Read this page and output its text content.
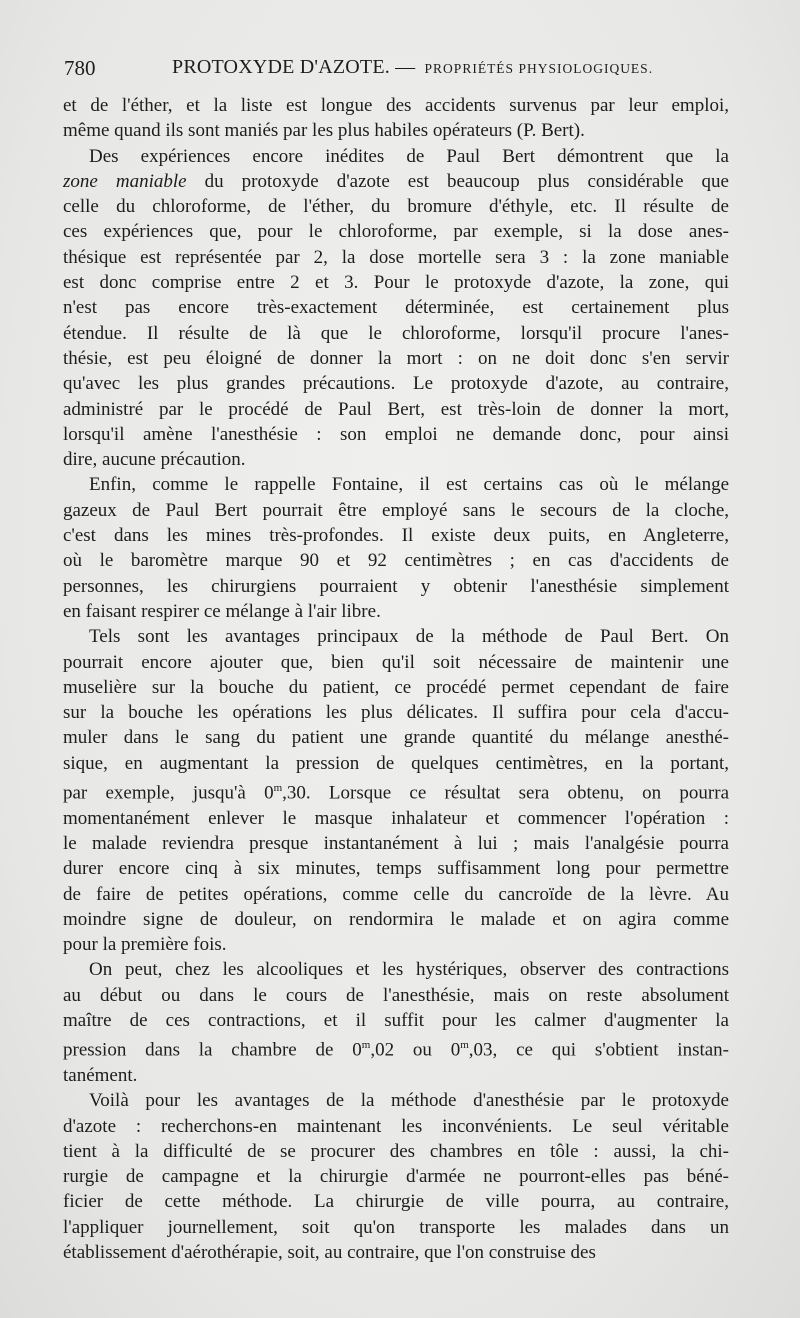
780	PROTOXYDE D'AZOTE. — PROPRIÉTÉS PHYSIOLOGIQUES.

et de l'éther, et la liste est longue des accidents survenus par leur emploi,
même quand ils sont maniés par les plus habiles opérateurs (P. Bert).

Des expériences encore inédites de Paul Bert démontrent que la
zone maniable du protoxyde d'azote est beaucoup plus considérable que
celle du chloroforme, de l'éther, du bromure d'éthyle, etc. Il résulte de
ces expériences que, pour le chloroforme, par exemple, si la dose anes-
thésique est représentée par 2, la dose mortelle sera 3 : la zone maniable
est donc comprise entre 2 et 3. Pour le protoxyde d'azote, la zone, qui
n'est pas encore très-exactement déterminée, est certainement plus
étendue. Il résulte de là que le chloroforme, lorsqu'il procure l'anes-
thésie, est peu éloigné de donner la mort : on ne doit donc s'en servir
qu'avec les plus grandes précautions. Le protoxyde d'azote, au contraire,
administré par le procédé de Paul Bert, est très-loin de donner la mort,
lorsqu'il amène l'anesthésie : son emploi ne demande donc, pour ainsi
dire, aucune précaution.

Enfin, comme le rappelle Fontaine, il est certains cas où le mélange
gazeux de Paul Bert pourrait être employé sans le secours de la cloche,
c'est dans les mines très-profondes. Il existe deux puits, en Angleterre,
où le baromètre marque 90 et 92 centimètres ; en cas d'accidents de
personnes, les chirurgiens pourraient y obtenir l'anesthésie simplement
en faisant respirer ce mélange à l'air libre.

Tels sont les avantages principaux de la méthode de Paul Bert. On
pourrait encore ajouter que, bien qu'il soit nécessaire de maintenir une
muselière sur la bouche du patient, ce procédé permet cependant de faire
sur la bouche les opérations les plus délicates. Il suffira pour cela d'accu-
muler dans le sang du patient une grande quantité du mélange anesthé-
sique, en augmentant la pression de quelques centimètres, en la portant,
par exemple, jusqu'à 0$^m$,30. Lorsque ce résultat sera obtenu, on pourra
momentanément enlever le masque inhalateur et commencer l'opération :
le malade reviendra presque instantanément à lui ; mais l'analgésie pourra
durer encore cinq à six minutes, temps suffisamment long pour permettre
de faire de petites opérations, comme celle du cancroïde de la lèvre. Au
moindre signe de douleur, on rendormira le malade et on agira comme
pour la première fois.

On peut, chez les alcooliques et les hystériques, observer des contractions
au début ou dans le cours de l'anesthésie, mais on reste absolument
maître de ces contractions, et il suffit pour les calmer d'augmenter la
pression dans la chambre de 0$^m$,02 ou 0$^m$,03, ce qui s'obtient instan-
tanément.

Voilà pour les avantages de la méthode d'anesthésie par le protoxyde
d'azote : recherchons-en maintenant les inconvénients. Le seul véritable
tient à la difficulté de se procurer des chambres en tôle : aussi, la chi-
rurgie de campagne et la chirurgie d'armée ne pourront-elles pas béné-
ficier de cette méthode. La chirurgie de ville pourra, au contraire,
l'appliquer journellement, soit qu'on transporte les malades dans un
établissement d'aérothérapie, soit, au contraire, que l'on construise des
